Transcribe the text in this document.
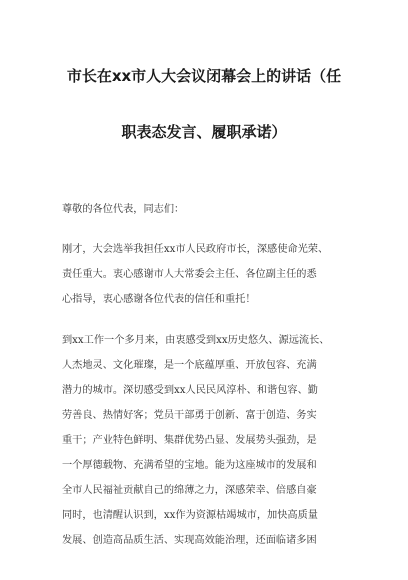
市长在xx市人大会议闭幕会上的讲话（任
职表态发言、履职承诺）
尊敬的各位代表，同志们：
刚才，大会选举我担任xx市人民政府市长，深感使命光荣、
责任重大。衷心感谢市人大常委会主任、各位副主任的悉
心指导，衷心感谢各位代表的信任和重托！
到xx工作一个多月来，由衷感受到xx历史悠久、源远流长、
人杰地灵、文化璀璨，是一个底蕴厚重、开放包容、充满
潜力的城市。深切感受到xx人民民风淳朴、和谐包容、勤
劳善良、热情好客；党员干部勇于创新、富于创造、务实
重干；产业特色鲜明、集群优势凸显、发展势头强劲，是
一个厚德载物、充满希望的宝地。能为这座城市的发展和
全市人民福祉贡献自己的绵薄之力，深感荣幸、倍感自豪
同时，也清醒认识到，xx作为资源枯竭城市，加快高质量
发展、创造高品质生活、实现高效能治理，还面临诸多困
